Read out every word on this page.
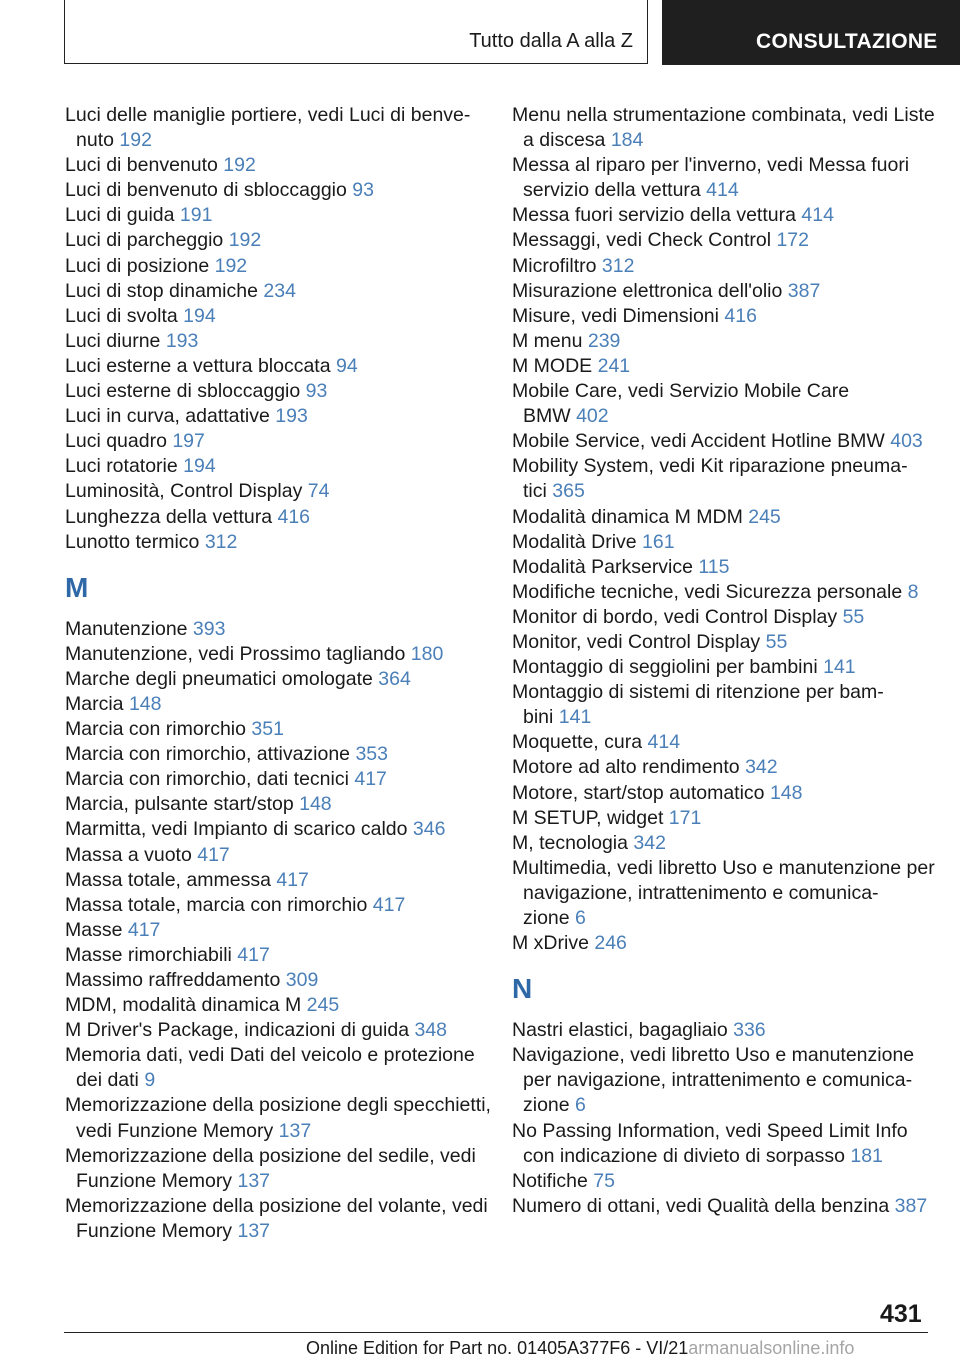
Tutto dalla A alla Z	CONSULTAZIONE
Luci delle maniglie portiere, vedi Luci di benve-
nuto 192
Luci di benvenuto 192
Luci di benvenuto di sbloccaggio 93
Luci di guida 191
Luci di parcheggio 192
Luci di posizione 192
Luci di stop dinamiche 234
Luci di svolta 194
Luci diurne 193
Luci esterne a vettura bloccata 94
Luci esterne di sbloccaggio 93
Luci in curva, adattative 193
Luci quadro 197
Luci rotatorie 194
Luminosità, Control Display 74
Lunghezza della vettura 416
Lunotto termico 312
M
Manutenzione 393
Manutenzione, vedi Prossimo tagliando 180
Marche degli pneumatici omologate 364
Marcia 148
Marcia con rimorchio 351
Marcia con rimorchio, attivazione 353
Marcia con rimorchio, dati tecnici 417
Marcia, pulsante start/stop 148
Marmitta, vedi Impianto di scarico caldo 346
Massa a vuoto 417
Massa totale, ammessa 417
Massa totale, marcia con rimorchio 417
Masse 417
Masse rimorchiabili 417
Massimo raffreddamento 309
MDM, modalità dinamica M 245
M Driver's Package, indicazioni di guida 348
Memoria dati, vedi Dati del veicolo e protezione
dei dati 9
Memorizzazione della posizione degli specchietti,
vedi Funzione Memory 137
Memorizzazione della posizione del sedile, vedi
Funzione Memory 137
Memorizzazione della posizione del volante, vedi
Funzione Memory 137
Menu nella strumentazione combinata, vedi Liste
a discesa 184
Messa al riparo per l'inverno, vedi Messa fuori
servizio della vettura 414
Messa fuori servizio della vettura 414
Messaggi, vedi Check Control 172
Microfiltro 312
Misurazione elettronica dell'olio 387
Misure, vedi Dimensioni 416
M menu 239
M MODE 241
Mobile Care, vedi Servizio Mobile Care
BMW 402
Mobile Service, vedi Accident Hotline BMW 403
Mobility System, vedi Kit riparazione pneuma-
tici 365
Modalità dinamica M MDM 245
Modalità Drive 161
Modalità Parkservice 115
Modifiche tecniche, vedi Sicurezza personale 8
Monitor di bordo, vedi Control Display 55
Monitor, vedi Control Display 55
Montaggio di seggiolini per bambini 141
Montaggio di sistemi di ritenzione per bam-
bini 141
Moquette, cura 414
Motore ad alto rendimento 342
Motore, start/stop automatico 148
M SETUP, widget 171
M, tecnologia 342
Multimedia, vedi libretto Uso e manutenzione per
navigazione, intrattenimento e comunica-
zione 6
M xDrive 246
N
Nastri elastici, bagagliaio 336
Navigazione, vedi libretto Uso e manutenzione
per navigazione, intrattenimento e comunica-
zione 6
No Passing Information, vedi Speed Limit Info
con indicazione di divieto di sorpasso 181
Notifiche 75
Numero di ottani, vedi Qualità della benzina 387
431
Online Edition for Part no. 01405A377F6 - VI/21armanualsonline.info
